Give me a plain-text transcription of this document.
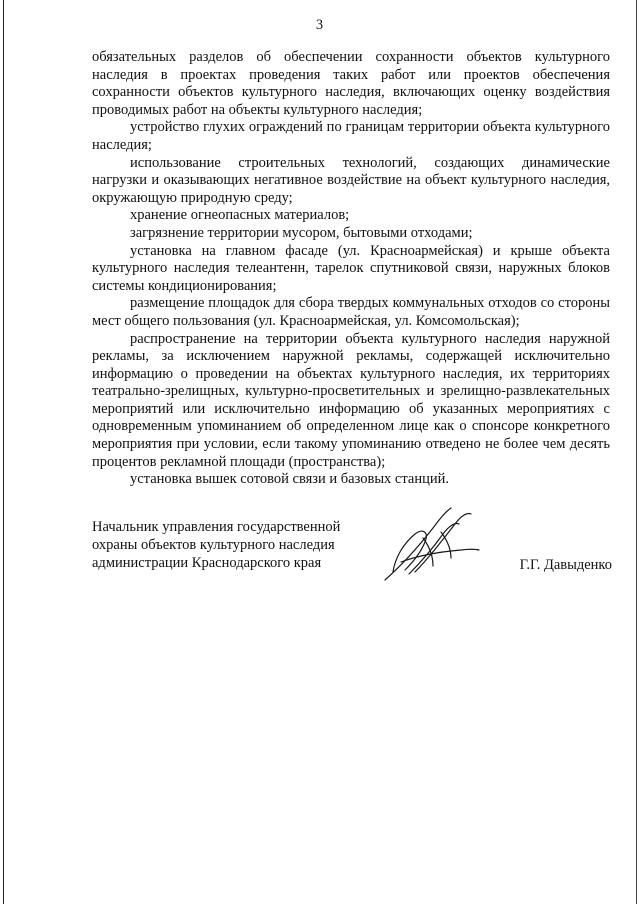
3

обязательных разделов об обеспечении сохранности объектов культурного наследия в проектах проведения таких работ или проектов обеспечения сохранности объектов культурного наследия, включающих оценку воздействия проводимых работ на объекты культурного наследия;

устройство глухих ограждений по границам территории объекта культурного наследия;

использование строительных технологий, создающих динамические нагрузки и оказывающих негативное воздействие на объект культурного наследия, окружающую природную среду;

хранение огнеопасных материалов;

загрязнение территории мусором, бытовыми отходами;

установка на главном фасаде (ул. Красноармейская) и крыше объекта культурного наследия телеантенн, тарелок спутниковой связи, наружных блоков системы кондиционирования;

размещение площадок для сбора твердых коммунальных отходов со стороны мест общего пользования (ул. Красноармейская, ул. Комсомольская);

распространение на территории объекта культурного наследия наружной рекламы, за исключением наружной рекламы, содержащей исключительно информацию о проведении на объектах культурного наследия, их территориях театрально-зрелищных, культурно-просветительных и зрелищно-развлекательных мероприятий или исключительно информацию об указанных мероприятиях с одновременным упоминанием об определенном лице как о спонсоре конкретного мероприятия при условии, если такому упоминанию отведено не более чем десять процентов рекламной площади (пространства);

установка вышек сотовой связи и базовых станций.

Начальник управления государственной
охраны объектов культурного наследия
администрации Краснодарского края	Г.Г. Давыденко
